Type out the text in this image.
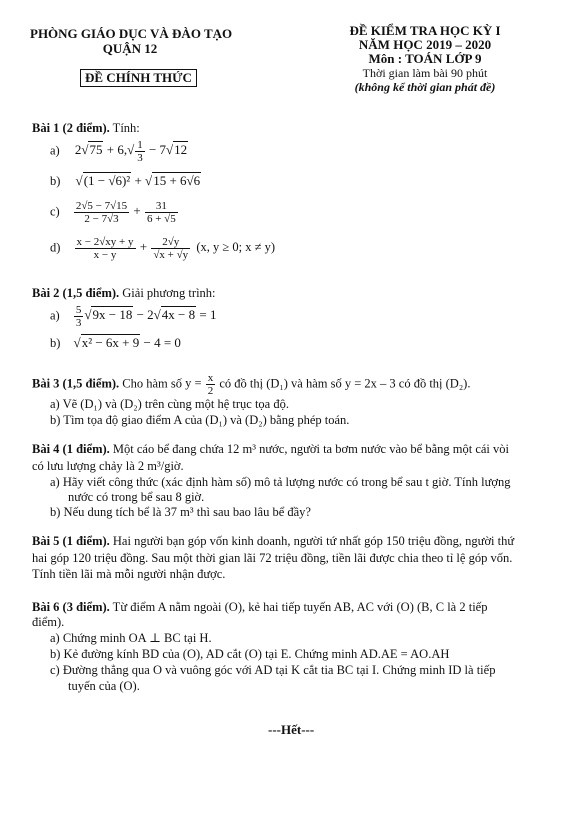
PHÒNG GIÁO DỤC VÀ ĐÀO TẠO
QUẬN 12
ĐỀ CHÍNH THỨC
ĐỀ KIỂM TRA HỌC KỲ I
NĂM HỌC 2019 – 2020
Môn : TOÁN LỚP 9
Thời gian làm bài 90 phút
(không kể thời gian phát đề)
Bài 1 (2 điểm). Tính:
a) $2√75 + 6,√ \frac{1}{3} - 7√12$
b) √(1 − √6)² + √15 + 6√6
$c) \frac{2√5 - 7√15}{2 - 7√3} + \frac{31}{6 + √5}$
$d) \frac{x - 2√xy + y}{x - y} + \frac{2√y}{√x + √y} (x$, y ≥ 0; x ≠ y)
Bài 2 (1,5 điểm). Giải phương trình:
$a) \frac{5}{3} √9x - 18 - 2√4x - 8 = 1$
b) √x² − 6x + 9 − 4 = 0
Bài 3 (1,5 điểm). Cho hàm số $y = \frac{x}{2}$ có đồ thị (D₁) và hàm số y = 2x – 3 có đồ thị (D₂).
a) Vẽ (D₁) và (D₂) trên cùng một hệ trục tọa độ.
b) Tìm tọa độ giao điểm A của (D₁) và (D₂) bằng phép toán.
Bài 4 (1 điểm). Một cáo bể đang chứa 12 m³ nước, người ta bơm nước vào bể bằng một cái vòi
có lưu lượng chảy là 2 m³/giờ.
a) Hãy viết công thức (xác định hàm số) mô tả lượng nước có trong bể sau t giờ. Tính lượng
nước có trong bể sau 8 giờ.
b) Nếu dung tích bể là 37 m³ thì sau bao lâu bể đầy?
Bài 5 (1 điểm). Hai người bạn góp vốn kinh doanh, người tứ nhất góp 150 triệu đồng, người thứ
hai góp 120 triệu đồng. Sau một thời gian lãi 72 triệu đồng, tiền lãi được chia theo tỉ lệ góp vốn.
Tính tiền lãi mà mỗi người nhận được.
Bài 6 (3 điểm). Từ điểm A nằm ngoài (O), kẻ hai tiếp tuyến AB, AC với (O) (B, C là 2 tiếp
điểm).
a) Chứng minh OA ⊥ BC tại H.
b) Kẻ đường kính BD của (O), AD cắt (O) tại E. Chứng minh AD.AE = AO.AH
c) Đường thẳng qua O và vuông góc với AD tại K cắt tia BC tại I. Chứng minh ID là tiếp
tuyến của (O).
---Hết---
